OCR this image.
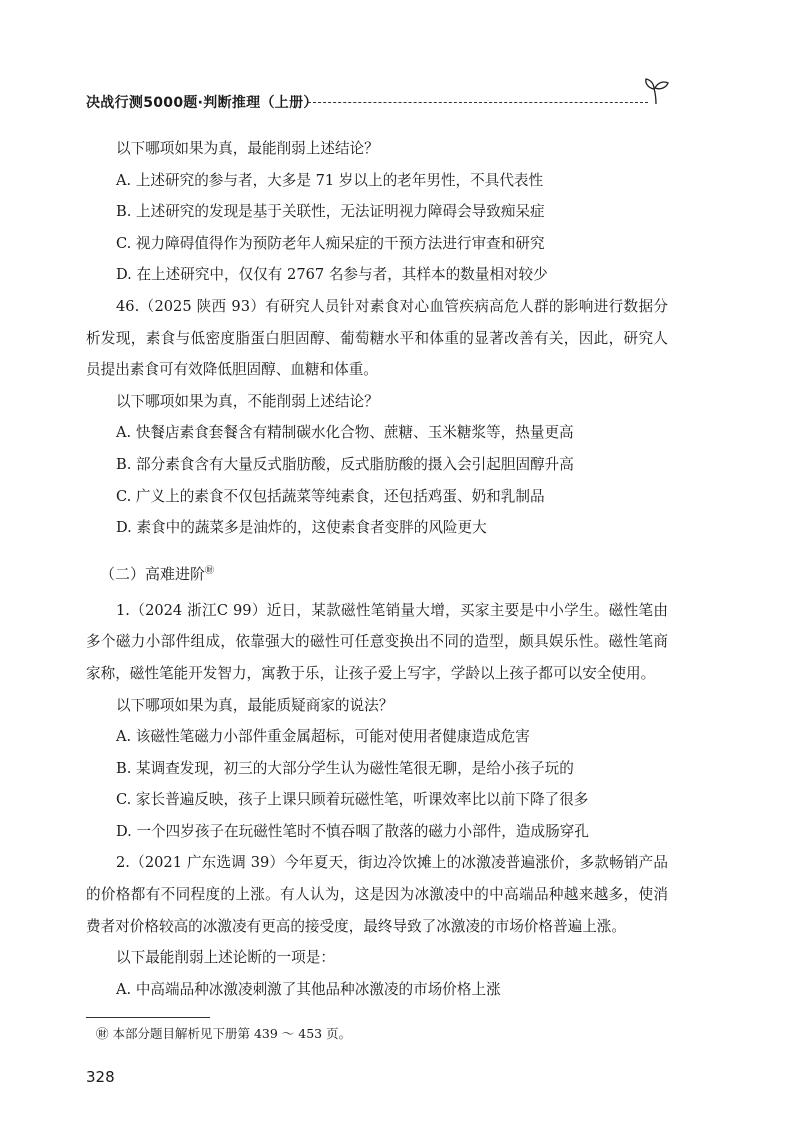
决战行测5000题·判断推理（上册）

以下哪项如果为真，最能削弱上述结论？

A. 上述研究的参与者，大多是 71 岁以上的老年男性，不具代表性

B. 上述研究的发现是基于关联性，无法证明视力障碍会导致痴呆症

C. 视力障碍值得作为预防老年人痴呆症的干预方法进行审查和研究

D. 在上述研究中，仅仅有 2767 名参与者，其样本的数量相对较少

46.（2025 陕西 93）有研究人员针对素食对心血管疾病高危人群的影响进行数据分析发现，素食与低密度脂蛋白胆固醇、葡萄糖水平和体重的显著改善有关，因此，研究人员提出素食可有效降低胆固醇、血糖和体重。

以下哪项如果为真，不能削弱上述结论？

A. 快餐店素食套餐含有精制碳水化合物、蔗糖、玉米糖浆等，热量更高

B. 部分素食含有大量反式脂肪酸，反式脂肪酸的摄入会引起胆固醇升高

C. 广义上的素食不仅包括蔬菜等纯素食，还包括鸡蛋、奶和乳制品

D. 素食中的蔬菜多是油炸的，这使素食者变胖的风险更大

（二）高难进阶㊖

1.（2024 浙江C 99）近日，某款磁性笔销量大增，买家主要是中小学生。磁性笔由多个磁力小部件组成，依靠强大的磁性可任意变换出不同的造型，颇具娱乐性。磁性笔商家称，磁性笔能开发智力，寓教于乐，让孩子爱上写字，学龄以上孩子都可以安全使用。

以下哪项如果为真，最能质疑商家的说法？

A. 该磁性笔磁力小部件重金属超标，可能对使用者健康造成危害

B. 某调查发现，初三的大部分学生认为磁性笔很无聊，是给小孩子玩的

C. 家长普遍反映，孩子上课只顾着玩磁性笔，听课效率比以前下降了很多

D. 一个四岁孩子在玩磁性笔时不慎吞咽了散落的磁力小部件，造成肠穿孔

2.（2021 广东选调 39）今年夏天，街边冷饮摊上的冰激凌普遍涨价，多款畅销产品的价格都有不同程度的上涨。有人认为，这是因为冰激凌中的中高端品种越来越多，使消费者对价格较高的冰激凌有更高的接受度，最终导致了冰激凌的市场价格普遍上涨。

以下最能削弱上述论断的一项是：

A. 中高端品种冰激凌刺激了其他品种冰激凌的市场价格上涨

㊖ 本部分题目解析见下册第 439 ～ 453 页。
328
